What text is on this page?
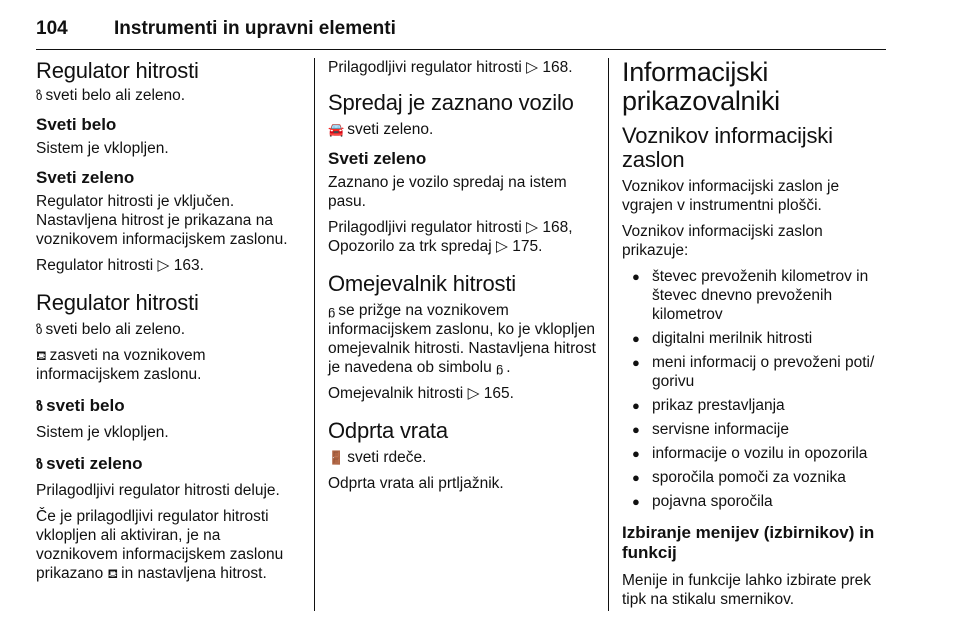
104 Instrumenti in upravni elementi
Regulator hitrosti

ზ sveti belo ali zeleno.

Sveti belo

Sistem je vklopljen.

Sveti zeleno

Regulator hitrosti je vključen. Nastavljena hitrost je prikazana na voznikovem informacijskem zaslonu.

Regulator hitrosti ▷ 163.

Regulator hitrosti

ზ sveti belo ali zeleno.

⛾ zasveti na voznikovem informacijskem zaslonu.

ზ sveti belo

Sistem je vklopljen.

ზ sveti zeleno

Prilagodljivi regulator hitrosti deluje.

Če je prilagodljivi regulator hitrosti vklopljen ali aktiviran, je na voznikovem informacijskem zaslonu prikazano ⛾ in nastavljena hitrost.

Prilagodljivi regulator hitrosti ▷ 168.

Spredaj je zaznano vozilo

🚘 sveti zeleno.

Sveti zeleno

Zaznano je vozilo spredaj na istem pasu.

Prilagodljivi regulator hitrosti ▷ 168, Opozorilo za trk spredaj ▷ 175.

Omejevalnik hitrosti

ᵷ se prižge na voznikovem informacijskem zaslonu, ko je vklopljen omejevalnik hitrosti. Nastavljena hitrost je navedena ob simbolu ᵷ .

Omejevalnik hitrosti ▷ 165.

Odprta vrata

🚪 sveti rdeče.

Odprta vrata ali prtljažnik.

Informacijski prikazovalniki
Voznikov informacijski zaslon

Voznikov informacijski zaslon je vgrajen v instrumentni plošči.

Voznikov informacijski zaslon prikazuje:

● števec prevoženih kilometrov in števec dnevno prevoženih kilometrov
● digitalni merilnik hitrosti
● meni informacij o prevoženi poti/ gorivu
● prikaz prestavljanja
● servisne informacije
● informacije o vozilu in opozorila
● sporočila pomoči za voznika
● pojavna sporočila
Izbiranje menijev (izbirnikov) in funkcij

Menije in funkcije lahko izbirate prek tipk na stikalu smernikov.
